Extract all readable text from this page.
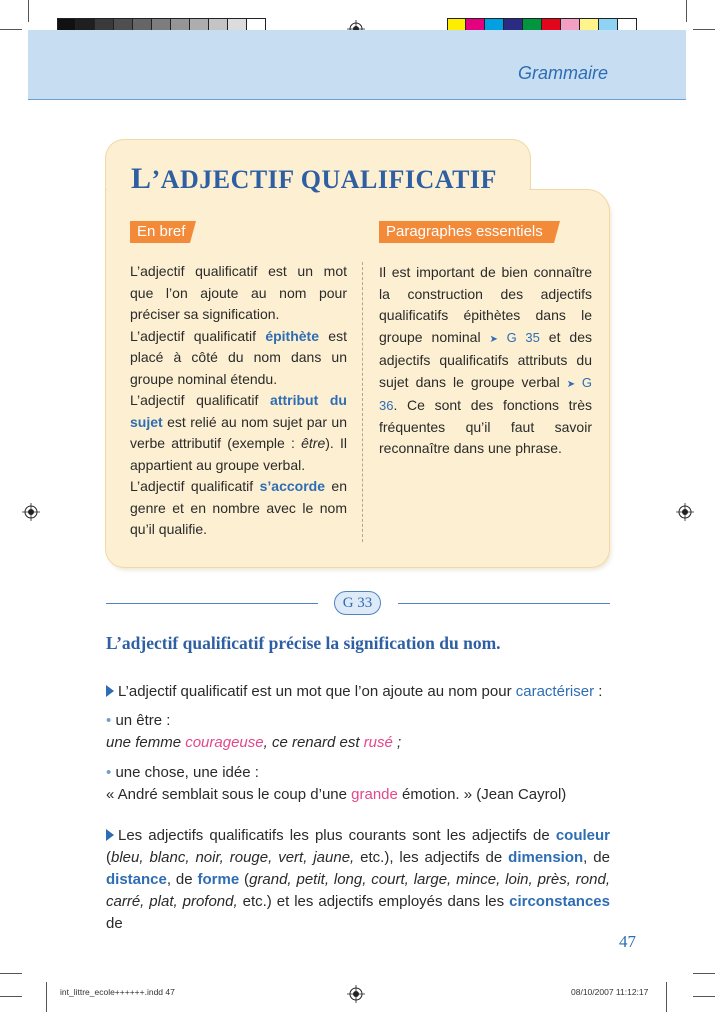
Grammaire
L’ADJECTIF QUALIFICATIF
En bref	Paragraphes essentiels

L’adjectif qualificatif est un mot que l’on ajoute au nom pour préciser sa signification.

L’adjectif qualificatif épithète est placé à côté du nom dans un groupe nominal étendu.

L’adjectif qualificatif attribut du sujet est relié au nom sujet par un verbe attributif (exemple : être). Il appartient au groupe verbal.

L’adjectif qualificatif s’accorde en genre et en nombre avec le nom qu’il qualifie.

Il est important de bien connaître la construction des adjectifs qualificatifs épithètes dans le groupe nominal ➤ G 35 et des adjectifs qualificatifs attributs du sujet dans le groupe verbal ➤ G 36. Ce sont des fonctions très fréquentes qu’il faut savoir reconnaître dans une phrase.

G 33
L’adjectif qualificatif précise la signification du nom.
L’adjectif qualificatif est un mot que l’on ajoute au nom pour caractériser :
• un être :
une femme courageuse, ce renard est rusé ;
• une chose, une idée :
« André semblait sous le coup d’une grande émotion. » (Jean Cayrol)
Les adjectifs qualificatifs les plus courants sont les adjectifs de couleur (bleu, blanc, noir, rouge, vert, jaune, etc.), les adjectifs de dimension, de distance, de forme (grand, petit, long, court, large, mince, loin, près, rond, carré, plat, profond, etc.) et les adjectifs employés dans les circonstances de
47
int_littre_ecole++++++.indd 47	08/10/2007 11:12:17
